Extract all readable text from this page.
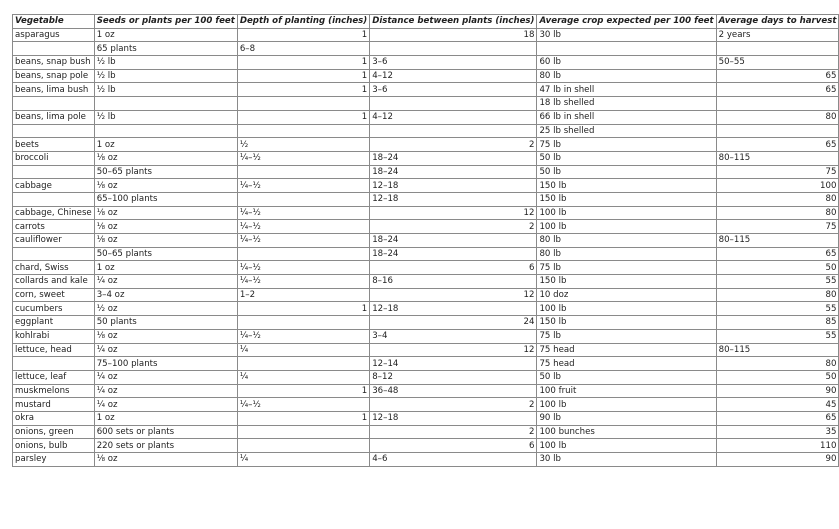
Vegetable	Seeds or plants per 100 feet	Depth of planting (inches)	Distance between plants (inches)	Average crop expected per 100 feet	Average days to harvest
asparagus	1 oz	1	18	30 lb	2 years
	65 plants	6–8			
beans, snap bush	½ lb	1	3–6	60 lb	50–55
beans, snap pole	½ lb	1	4–12	80 lb	65
beans, lima bush	½ lb	1	3–6	47 lb in shell	65
				18 lb shelled	
beans, lima pole	½ lb	1	4–12	66 lb in shell	80
				25 lb shelled	
beets	1 oz	½	2	75 lb	65
broccoli	⅛ oz	¼–½	18–24	50 lb	80–115
	50–65 plants		18–24	50 lb	75
cabbage	⅛ oz	¼–½	12–18	150 lb	100
	65–100 plants		12–18	150 lb	80
cabbage, Chinese	⅛ oz	¼–½	12	100 lb	80
carrots	⅛ oz	¼–½	2	100 lb	75
cauliflower	⅛ oz	¼–½	18–24	80 lb	80–115
	50–65 plants		18–24	80 lb	65
chard, Swiss	1 oz	¼–½	6	75 lb	50
collards and kale	¼ oz	¼–½	8–16	150 lb	55
corn, sweet	3–4 oz	1–2	12	10 doz	80
cucumbers	½ oz	1	12–18	100 lb	55
eggplant	50 plants		24	150 lb	85
kohlrabi	⅛ oz	¼–½	3–4	75 lb	55
lettuce, head	¼ oz	¼	12	75 head	80–115
	75–100 plants		12–14	75 head	80
lettuce, leaf	¼ oz	¼	8–12	50 lb	50
muskmelons	¼ oz	1	36–48	100 fruit	90
mustard	¼ oz	¼–½	2	100 lb	45
okra	1 oz	1	12–18	90 lb	65
onions, green	600 sets or plants		2	100 bunches	35
onions, bulb	220 sets or plants		6	100 lb	110
parsley	⅛ oz	¼	4–6	30 lb	90
